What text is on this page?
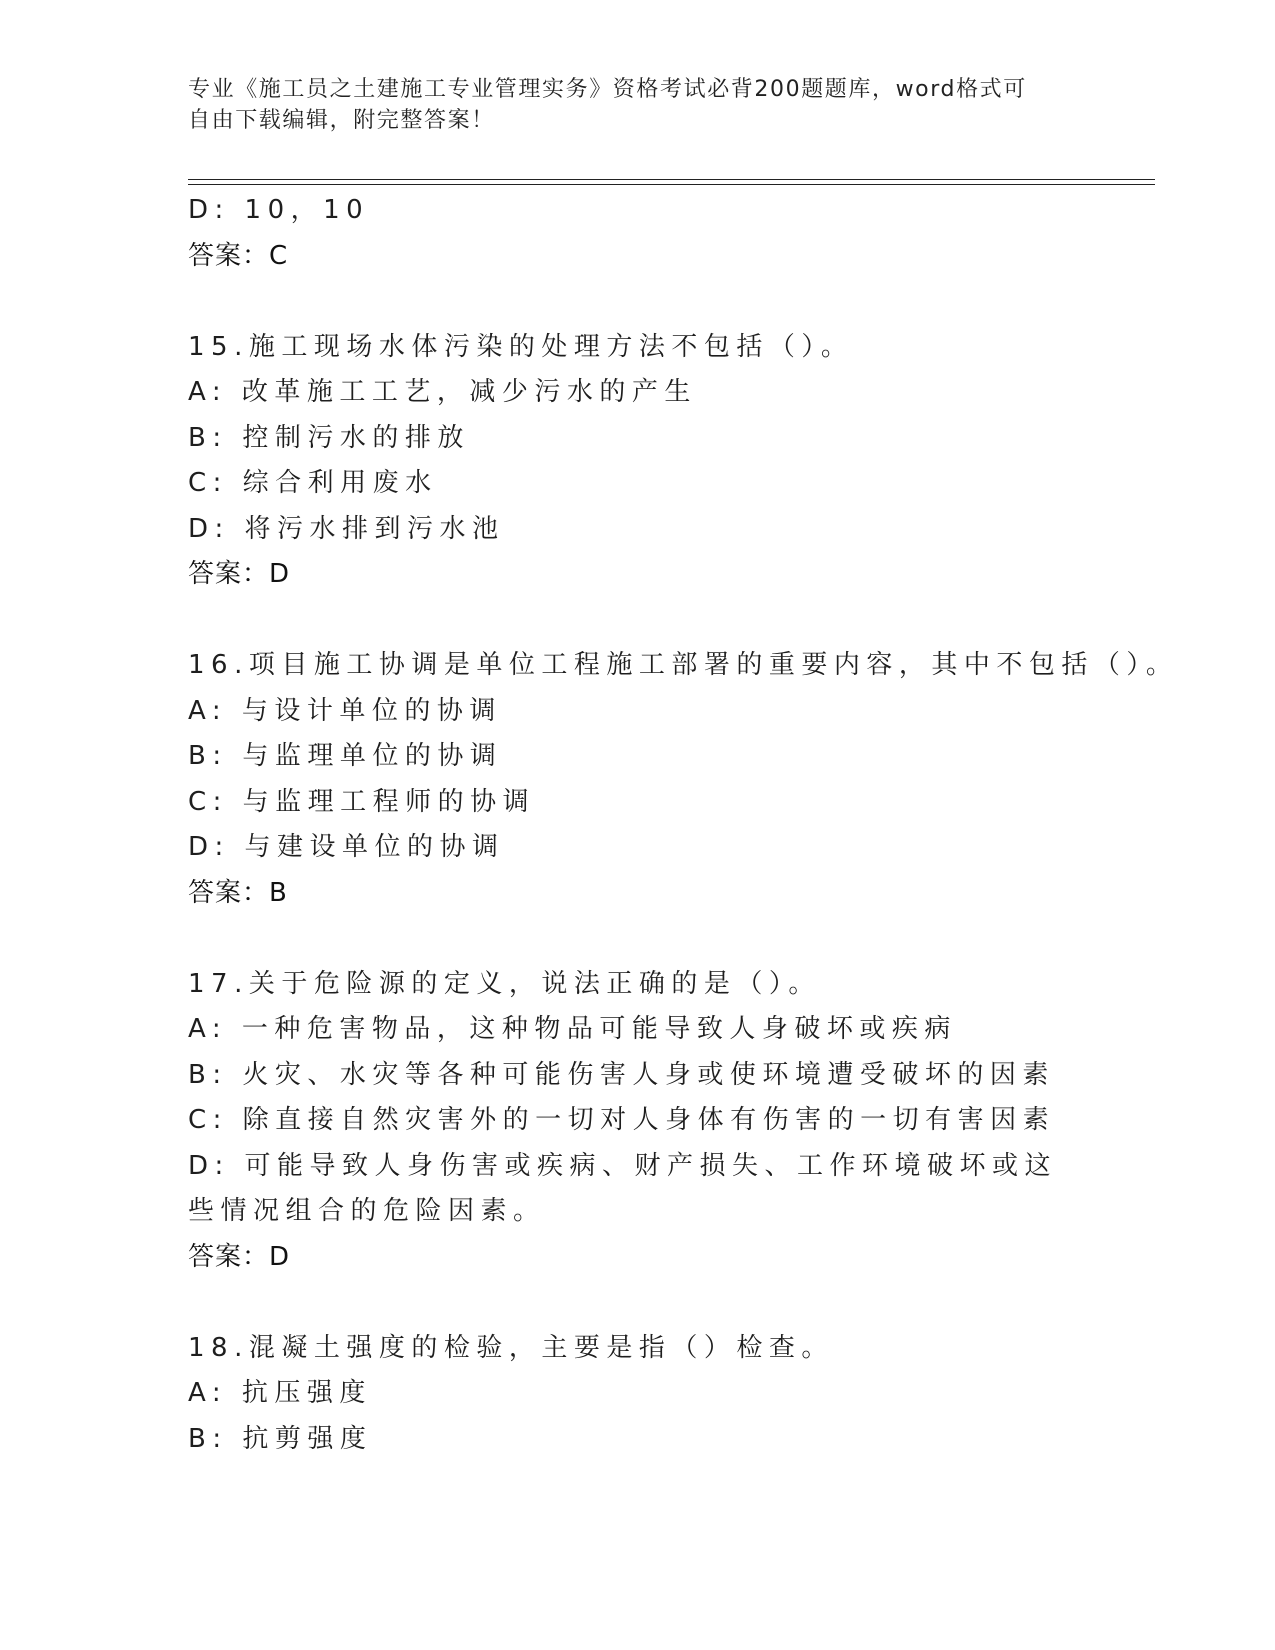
专业《施工员之土建施工专业管理实务》资格考试必背200题题库，word格式可
自由下载编辑，附完整答案！
D: 10，10
答案：C
15.施工现场水体污染的处理方法不包括（）。
A: 改革施工工艺，减少污水的产生
B: 控制污水的排放
C: 综合利用废水
D: 将污水排到污水池
答案：D
16.项目施工协调是单位工程施工部署的重要内容，其中不包括（）。
A: 与设计单位的协调
B: 与监理单位的协调
C: 与监理工程师的协调
D: 与建设单位的协调
答案：B
17.关于危险源的定义，说法正确的是（）。
A: 一种危害物品，这种物品可能导致人身破坏或疾病
B: 火灾、水灾等各种可能伤害人身或使环境遭受破坏的因素
C: 除直接自然灾害外的一切对人身体有伤害的一切有害因素
D: 可能导致人身伤害或疾病、财产损失、工作环境破坏或这些情况组合的危险因素。
答案：D
18.混凝土强度的检验，主要是指（）检查。
A: 抗压强度
B: 抗剪强度
